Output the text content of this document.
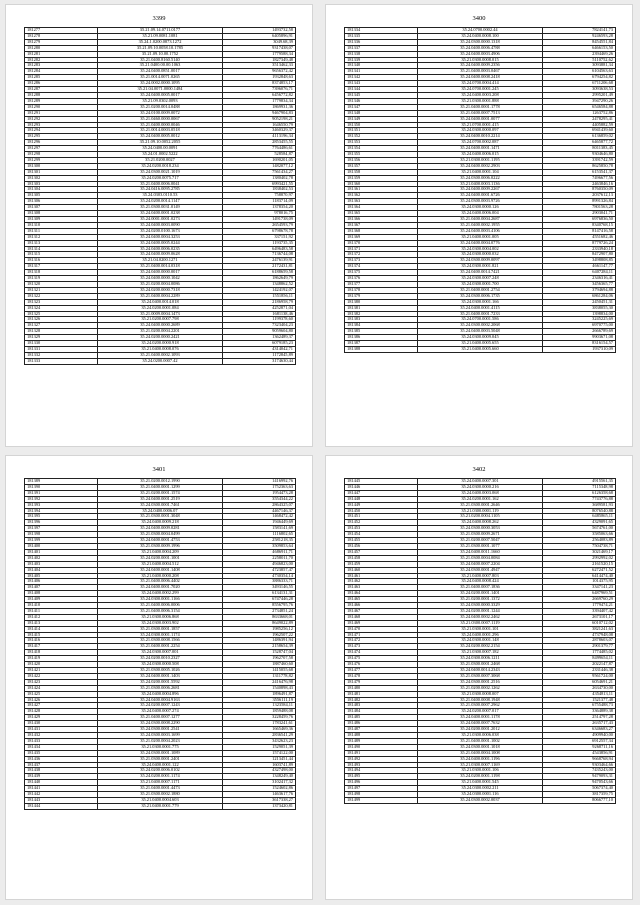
3399
181277	35.21.09.14.0711.0177	1493732,58
181278	35.21.09.0081.1081	6405896,91
181279	35.24.1.0200.0873.1272	3049.68,39
181280	35.21.09.10.0058.10.1785	9317438,07
181281	35.21.09.10.00.1752	1779588,34
181282	35.21.0400.8160.5140	1827349,48
181283	35.21.0400.00.00.1063	3513462,33
181284	35.24.0400.0851.0017	9656372,42
181285	35.21.0014.0071.0265	1932848,63
181286	35.24.0002.0000.1095	8374853,17
181287	35.21.04.0071.0000.1484	7396076,71
181288	35.24.0400.0005.0017	6456772,82
181289	35.21.09.0302.0093	1779834,34
181290	35.21.0200.0014.0488	1869931,36
181291	35.24.0100.0009.0072	9467904,83
181292	35.21.0460.0000.0067	9052198,21
181293	35.21.0400.0000.0046	1646550,79
181294	35.21.0014.0003.0518	3460329,37
181295	35.24.0400.0005.0012	4113196,34
181296	35.21.09.10.0052.2055	2853455,55
181297	35.24.0400.00.0091	7764486,61
181298	35.24.01.0002.5222	528584,87
181299	35.21.0200.0027	1690201,05
181300	35.24.0200.0018.234	1482077,12
181301	35.24.0300.0021.1019	7561434,27
181302	35.24.0200.0075.717	1380402,78
181303	35.21.0400.0006.0041	6993421,55
181304	35.24.0416.0095.2785	1838402,53
181305	35.24.0303.0110.53	758870,97
181306	35.24.0200.0014.1147	1183714,09
181307	35.21.0300.0031.0149	1378354,20
181308	35.24.0400.0001.0238	978016,75
181309	35.24.0001.0001.0273	1491738,09
181310	35.24.0400.0003.0090	2654593,79
181311	35.24.0200.0100.1673	6798678,78
181312	35.24.0400.0004.3253	337151,92
181313	35.24.0400.0005.0244	1193735,35
181314	35.24.0400.0006.0235	6496483,58
181315	35.24.0400.0009.0628	7136744,08
181316	35.21.04.0200.1271	2476139,91
181317	35.21.0400.0014.0318	2172431,81
181318	35.24.0400.0000.0017	6188659,58
181319	35.24.0400.0000.1042	1862649,79
181320	35.21.0200.0004.0086	1348862,52
181321	35.24.0200.0000.7318	1424192,07
181322	35.21.0400.0004.2289	1551856,11
181323	35.24.0400.0014.018	2186958,79
181324	35.24.0200.0001.084	4252871,04
181325	35.21.0009.0004.1473	1681138,46
181326	35.21.0200.0007.798	1199378,60
181327	35.24.0400.0000.2689	7323404,23
181328	35.21.0200.0004.2201	9059604,80
181329	35.24.0200.0000.2421	1362489,37
181330	35.24.0200.0000.918	6079185,23
181331	35.21.0400.0008.076	4314042,71
181332	35.21.0400.0002.1093	1172845,89
181333	35.24.0200.0007.42	3174630,44
3400
181334	35.24.0700.0002.44	7824141,73
181335	35.24.0400.0008.100	9246593,28
181336	35.24.0300.0000.1318	8454551,84
181337	35.24.0400.0006.4788	6466153,50
181338	35.24.0400.0003.4906	2394469,26
181339	35.21.0300.0008.015	5110752,62
181340	35.24.0400.0009.2356	3093881,34
181341	35.21.0400.0003.0467	6104563,63
181342	35.24.0400.0008.2418	6794254,82
181343	35.24.0700.0004.414	6711206,68
181344	35.24.0700.0001.245	3093638,53
181345	35.24.0400.0003.208	2995201,49
181346	35.21.0300.0001.888	3947290,26
181347	35.21.0400.0001.1778	6546584,88
181348	35.21.0400.0007.7513	1263752,86
181349	35.24.0400.0001.0077	2478295,41
181350	35.21.0700.0001.415	4405882,59
181351	35.24.0300.0000.097	6941439,60
181352	35.24.0400.0010.2214	6136859,02
181353	35.24.0700.0002.087	6465877,72
181354	35.24.0400.0001.1471	8011383,45
181355	35.24.0400.0006.015	9304646,80
181356	35.21.0300.0001.1195	3391742,59
181357	35.24.0400.0002.2903	8625850,78
181358	35.21.0400.0001.104	6153541,37
181359	35.24.0300.0006.0222	7496677,56
181360	35.21.0400.0003.1136	2463846,16
181361	35.24.0400.0009.2267	8760350,09
181362	35.24.0400.0001.6726	2037612,13
181363	35.24.0300.0003.9726	8991326,84
181364	35.24.0300.0000.126	7801563,28
181365	35.24.0400.0006.004	2903041,71
181366	35.21.0400.0004.2687	6976836,50
181367	35.21.0400.0002.1955	8340768,15
181368	35.24.0400.0003.4106	8147416,58
181369	35.21.0400.0001.005	4551682,46
181370	35.24.0400.0004.0776	8779726,24
181371	35.24.0300.0004.002	2333940,18
181372	35.24.0300.0000.032	8472907,80
181373	35.24.0300.0009.0097	3498808,85
181374	35.24.0300.0001.821	4661147,77
181375	35.24.0400.0014.7421	6407284,11
181376	35.24.0300.0007.248	2346316,41
181377	35.24.0300.0001.700	3456365,77
181378	35.21.0400.0001.2754	3794694,88
181379	35.24.0300.0006.1735	6861284,06
181380	35.24.0300.0001.166	2450451,31
181381	35.24.0400.0001.4115	3838055,30
181382	35.21.0400.0001.7233	1398834,00
181383	35.24.0700.0001.586	3245225,69
181384	35.24.0300.0002.2068	6970775,00
181385	35.24.0400.0003.5048	2666789,69
181386	35.24.0300.0009.045	9903671,08
181387	35.21.0400.0005.655	8316154,57
181388	35.21.0400.0005.660	1937310,09
3401
181389	35.21.0200.0012.1990	1416992,76
181390	35.21.0400.0001.1299	1752363,63
181391	35.21.0200.0001.1574	1954473,28
181392	35.24.0400.0001.2519	3554344,22
181393	35.24.0300.0001.7461	2864325,07
181394	35.24.0400.0006.07	4467146,37
181395	35.21.0300.0001.3048	1468472,42
181396	35.24.0400.0009.218	1946449,69
181397	35.24.0400.0009.0281	1583141,69
181398	35.21.0300.0004.0499	1116802,65
181399	35.24.0400.0001.4753	2581218,35
181400	35.21.0300.0009.1996	3509853,64
181401	35.21.0400.0004.209	4686911,71
181402	35.24.0200.0001.1001	2258011,70
181403	35.21.0400.0004.512	4946823,00
181404	35.24.0400.0001.1408	4723857,47
181405	35.21.0400.0000.208	4730354,14
181406	35.21.0400.0006.4402	3886333,71
181407	35.24.0400.0001.7020	3493146,55
181408	35.24.0400.0002.299	6134131,31
181409	35.24.0300.0001.1166	6747446,28
181410	35.21.0400.0006.0006	8556795,76
181411	35.21.0400.0006.3154	2734851,24
181412	35.21.0300.0006.868	8633668,01
181413	35.24.0300.0003.902	8649022,89
181414	35.21.0300.0001.1857	1985256,12
181415	35.24.0300.0001.1174	1962507,22
181416	35.21.0300.0008.1566	1486391,94
181417	35.21.0400.0001.2254	2158654,39
181418	35.24.0300.0007.001	1528747,04
181419	35.24.0200.0010.2327	1962707,58
181420	35.24.0300.0000.508	1887460,60
181421	35.21.0300.0005.1026	1415055,68
181422	35.24.0400.0001.1403	1311778,82
181423	35.24.0200.0001.5592	2416476,98
181424	35.21.0300.0006.2681	1540898,43
181425	35.24.0400.0004.896	1896491,87
181426	35.24.0400.0004.9163	3556111,19
181427	35.24.0200.0007.1243	1323584,11
181428	35.24.0400.0007.274	1859488,08
181429	35.21.0400.0007.1277	3228459,76
181430	35.24.0300.0008.2290	1783241,61
181431	35.24.0300.0001.2541	1665469,36
181432	35.24.0300.0003.1699	2836541,29
181433	35.21.0200.0004.2023	3432623,23
181434	35.21.0300.0001.775	1529051,39
181435	35.24.0300.0001.1089	1574122,00
181436	35.21.0300.0001.2401	1213451,44
181437	35.24.0400.0001.122	1603741,89
181438	35.24.0200.0006.0102	4327498,00
181439	35.24.0200.0001.1174	1348249,40
181440	35.21.0400.0007.1171	3102417,32
181441	35.21.0400.0001.4473	1524602,86
181442	35.21.0300.0002.1880	1463617,76
181443	35.21.0400.0004.603	3617338,27
181444	35.21.0400.0001.779	1373420,81
3402
181445	35.24.0400.0007.301	4915561,35
181446	35.24.0300.0000.216	7115348,98
181447	35.24.0400.0003.068	6126358,68
181448	35.24.0200.0001.162	7743776,88
181449	35.21.0300.0001.2646	3689581,93
181450	35.21.0300.0001.119	8076540,88
181451	35.21.0200.0004.1105	6485865,11
181452	35.24.0400.0008.262	4329091,65
181453	35.24.0300.0000.3053	5674761,00
181454	35.21.0300.0009.2671	3585063,66
181455	35.21.0200.0007.5047	2564083,89
181456	35.21.0300.0001.1077	7504738,71
181457	35.24.0400.0011.1660	3021469,17
181458	35.21.0300.0004.0084	2992992,02
181459	35.24.0400.0007.2204	2161520,15
181460	35.24.0300.0001.4947	6272471,52
181461	35.21.0400.0007.803	6414474,40
181462	35.24.0400.0008.424	1014375,95
181463	35.21.0400.0007.1836	3347141,23
181464	35.24.0200.0001.1401	6487969,51
181465	35.21.0200.0001.1372	2669760,29
181466	35.24.0300.0000.3329	1779474,21
181467	35.24.0200.0001.1244	3394407,42
181468	35.24.0400.0002.2462	2673101,17
181469	35.21.0300.0007.1119	6010712,02
181470	35.21.0300.0001.101	3821241,63
181471	35.24.0400.0001.296	4737948,08
181472	35.24.0300.0001.148	2878603,07
181473	35.24.0200.0002.2154	2901379,77
181474	35.21.0300.0007.182	1774485,02
181475	35.24.0300.0006.1211	8499654,11
181476	35.21.0300.0001.2468	2022147,87
181477	35.24.0400.0014.2343	2331446,38
181478	35.21.0300.0007.3068	9561724,00
181479	35.24.0300.0001.2516	6054691,21
181480	35.21.0200.0002.1262	2634730,00
181481	35.21.0300.0008.007	4354813,11
181482	35.21.0400.0008.1948	1521377,48
181483	35.21.0300.0007.2962	6755488,73
181484	35.24.0200.0007.017	3364889,38
181485	35.24.0400.0001.1178	2514797,28
181486	35.24.0400.0007.7632	2635717,43
181487	35.24.0200.0001.2012	6346683,27
181488	35.21.0300.0006.038	4909940,00
181489	35.21.0400.0001.1002	6912557,34
181490	35.24.0300.0001.1018	9268711,16
181491	35.21.0400.0004.1008	4543856,91
181492	35.24.0400.0001.1196	9668768,94
181493	35.21.0300.0007.1169	9303464,66
181494	35.21.0300.0001.106	7435243,00
181495	35.24.0200.0001.1198	9479093,31
181496	35.21.0400.0001.545	9470543,66
181497	35.24.0300.0002.211	5067374,40
181498	35.24.0300.0001.116	3817359,75
181499	35.24.0300.0002.0037	8066777,10
